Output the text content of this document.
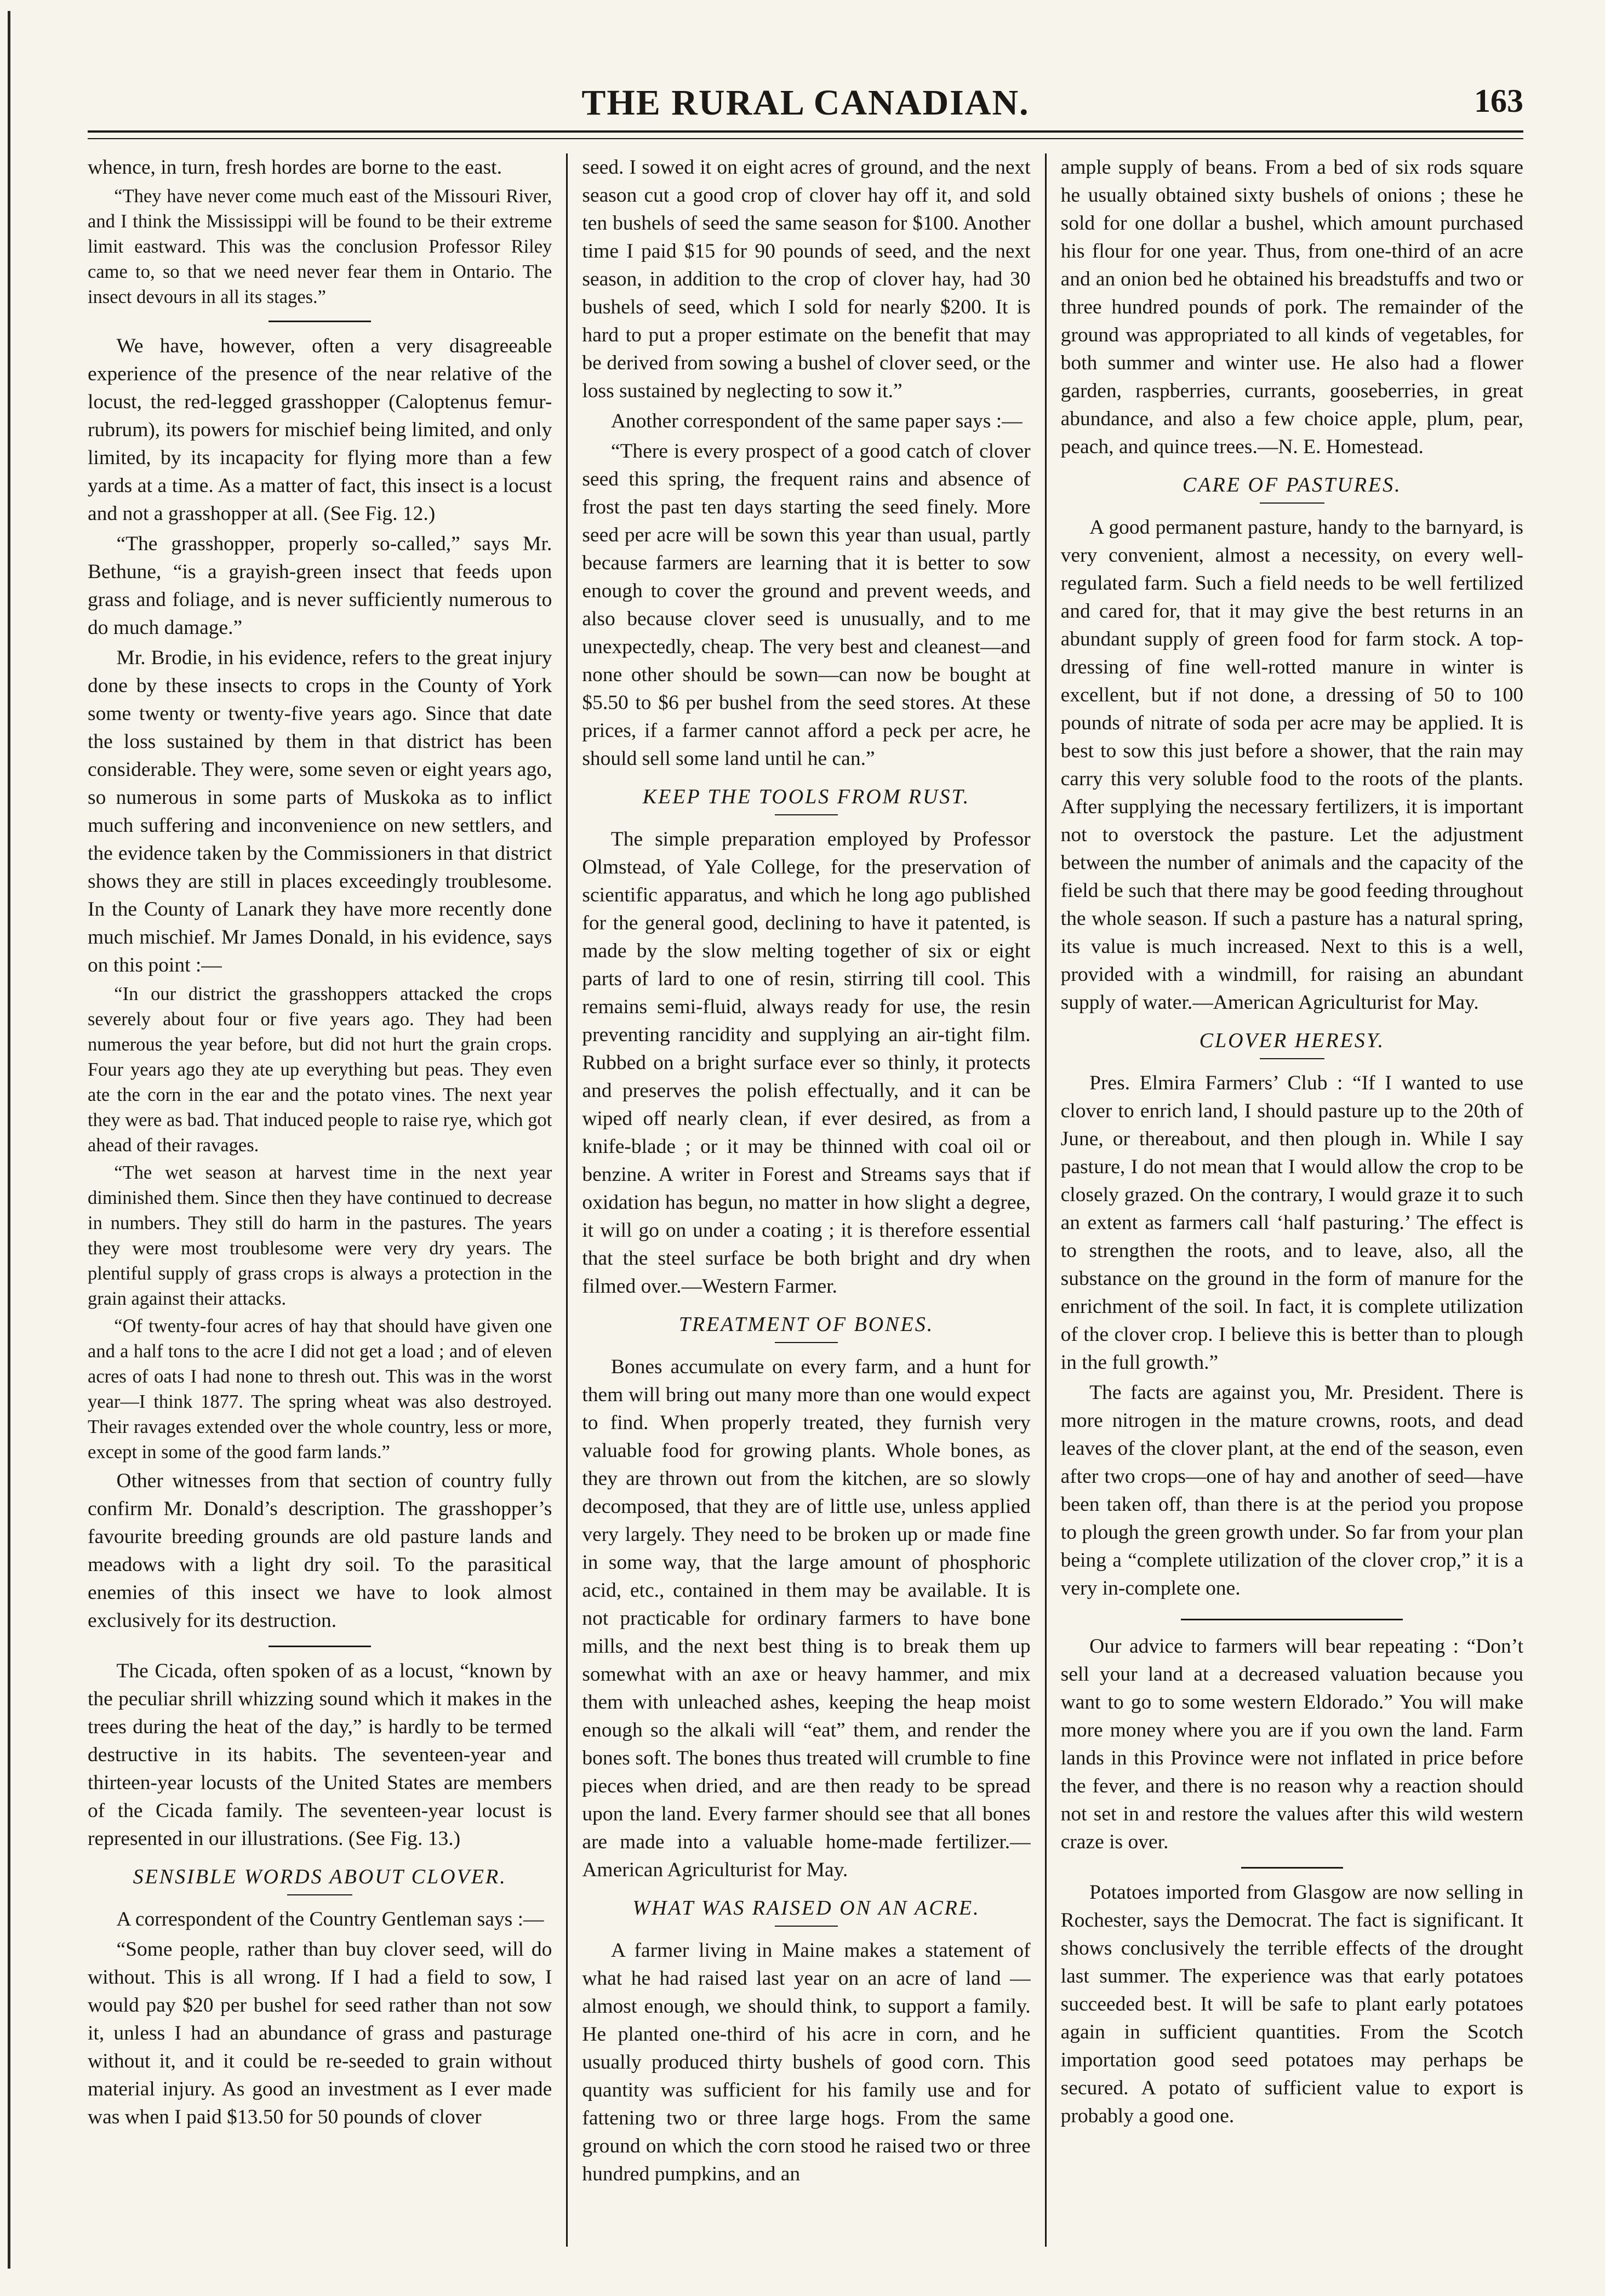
THE RURAL CANADIAN.	163

whence, in turn, fresh hordes are borne to the east.

“They have never come much east of the Missouri River, and I think the Mississippi will be found to be their extreme limit eastward. This was the conclusion Professor Riley came to, so that we need never fear them in Ontario. The insect devours in all its stages.”

We have, however, often a very disagreeable experience of the presence of the near relative of the locust, the red-legged grasshopper (Caloptenus femur-rubrum), its powers for mischief being limited, and only limited, by its incapacity for flying more than a few yards at a time. As a matter of fact, this insect is a locust and not a grasshopper at all. (See Fig. 12.)

“The grasshopper, properly so-called,” says Mr. Bethune, “is a grayish-green insect that feeds upon grass and foliage, and is never sufficiently numerous to do much damage.”

Mr. Brodie, in his evidence, refers to the great injury done by these insects to crops in the County of York some twenty or twenty-five years ago. Since that date the loss sustained by them in that district has been considerable. They were, some seven or eight years ago, so numerous in some parts of Muskoka as to inflict much suffering and inconvenience on new settlers, and the evidence taken by the Commissioners in that district shows they are still in places exceedingly troublesome. In the County of Lanark they have more recently done much mischief. Mr James Donald, in his evidence, says on this point :—

“In our district the grasshoppers attacked the crops severely about four or five years ago. They had been numerous the year before, but did not hurt the grain crops. Four years ago they ate up everything but peas. They even ate the corn in the ear and the potato vines. The next year they were as bad. That induced people to raise rye, which got ahead of their ravages.

“The wet season at harvest time in the next year diminished them. Since then they have continued to decrease in numbers. They still do harm in the pastures. The years they were most troublesome were very dry years. The plentiful supply of grass crops is always a protection in the grain against their attacks.

“Of twenty-four acres of hay that should have given one and a half tons to the acre I did not get a load ; and of eleven acres of oats I had none to thresh out. This was in the worst year—I think 1877. The spring wheat was also destroyed. Their ravages extended over the whole country, less or more, except in some of the good farm lands.”

Other witnesses from that section of country fully confirm Mr. Donald’s description. The grasshopper’s favourite breeding grounds are old pasture lands and meadows with a light dry soil. To the parasitical enemies of this insect we have to look almost exclusively for its destruction.

The Cicada, often spoken of as a locust, “known by the peculiar shrill whizzing sound which it makes in the trees during the heat of the day,” is hardly to be termed destructive in its habits. The seventeen-year and thirteen-year locusts of the United States are members of the Cicada family. The seventeen-year locust is represented in our illustrations. (See Fig. 13.)

SENSIBLE WORDS ABOUT CLOVER.

A correspondent of the Country Gentleman says :—

“Some people, rather than buy clover seed, will do without. This is all wrong. If I had a field to sow, I would pay $20 per bushel for seed rather than not sow it, unless I had an abundance of grass and pasturage without it, and it could be re-seeded to grain without material injury. As good an investment as I ever made was when I paid $13.50 for 50 pounds of clover

seed. I sowed it on eight acres of ground, and the next season cut a good crop of clover hay off it, and sold ten bushels of seed the same season for $100. Another time I paid $15 for 90 pounds of seed, and the next season, in addition to the crop of clover hay, had 30 bushels of seed, which I sold for nearly $200. It is hard to put a proper estimate on the benefit that may be derived from sowing a bushel of clover seed, or the loss sustained by neglecting to sow it.”

Another correspondent of the same paper says :—

“There is every prospect of a good catch of clover seed this spring, the frequent rains and absence of frost the past ten days starting the seed finely. More seed per acre will be sown this year than usual, partly because farmers are learning that it is better to sow enough to cover the ground and prevent weeds, and also because clover seed is unusually, and to me unexpectedly, cheap. The very best and cleanest—and none other should be sown—can now be bought at $5.50 to $6 per bushel from the seed stores. At these prices, if a farmer cannot afford a peck per acre, he should sell some land until he can.”

KEEP THE TOOLS FROM RUST.

The simple preparation employed by Professor Olmstead, of Yale College, for the preservation of scientific apparatus, and which he long ago published for the general good, declining to have it patented, is made by the slow melting together of six or eight parts of lard to one of resin, stirring till cool. This remains semi-fluid, always ready for use, the resin preventing rancidity and supplying an air-tight film. Rubbed on a bright surface ever so thinly, it protects and preserves the polish effectually, and it can be wiped off nearly clean, if ever desired, as from a knife-blade ; or it may be thinned with coal oil or benzine. A writer in Forest and Streams says that if oxidation has begun, no matter in how slight a degree, it will go on under a coating ; it is therefore essential that the steel surface be both bright and dry when filmed over.—Western Farmer.

TREATMENT OF BONES.

Bones accumulate on every farm, and a hunt for them will bring out many more than one would expect to find. When properly treated, they furnish very valuable food for growing plants. Whole bones, as they are thrown out from the kitchen, are so slowly decomposed, that they are of little use, unless applied very largely. They need to be broken up or made fine in some way, that the large amount of phosphoric acid, etc., contained in them may be available. It is not practicable for ordinary farmers to have bone mills, and the next best thing is to break them up somewhat with an axe or heavy hammer, and mix them with unleached ashes, keeping the heap moist enough so the alkali will “eat” them, and render the bones soft. The bones thus treated will crumble to fine pieces when dried, and are then ready to be spread upon the land. Every farmer should see that all bones are made into a valuable home-made fertilizer.—American Agriculturist for May.

WHAT WAS RAISED ON AN ACRE.

A farmer living in Maine makes a statement of what he had raised last year on an acre of land —almost enough, we should think, to support a family. He planted one-third of his acre in corn, and he usually produced thirty bushels of good corn. This quantity was sufficient for his family use and for fattening two or three large hogs. From the same ground on which the corn stood he raised two or three hundred pumpkins, and an

ample supply of beans. From a bed of six rods square he usually obtained sixty bushels of onions ; these he sold for one dollar a bushel, which amount purchased his flour for one year. Thus, from one-third of an acre and an onion bed he obtained his breadstuffs and two or three hundred pounds of pork. The remainder of the ground was appropriated to all kinds of vegetables, for both summer and winter use. He also had a flower garden, raspberries, currants, gooseberries, in great abundance, and also a few choice apple, plum, pear, peach, and quince trees.—N. E. Homestead.

CARE OF PASTURES.

A good permanent pasture, handy to the barnyard, is very convenient, almost a necessity, on every well-regulated farm. Such a field needs to be well fertilized and cared for, that it may give the best returns in an abundant supply of green food for farm stock. A top-dressing of fine well-rotted manure in winter is excellent, but if not done, a dressing of 50 to 100 pounds of nitrate of soda per acre may be applied. It is best to sow this just before a shower, that the rain may carry this very soluble food to the roots of the plants. After supplying the necessary fertilizers, it is important not to overstock the pasture. Let the adjustment between the number of animals and the capacity of the field be such that there may be good feeding throughout the whole season. If such a pasture has a natural spring, its value is much increased. Next to this is a well, provided with a windmill, for raising an abundant supply of water.—American Agriculturist for May.

CLOVER HERESY.

Pres. Elmira Farmers’ Club : “If I wanted to use clover to enrich land, I should pasture up to the 20th of June, or thereabout, and then plough in. While I say pasture, I do not mean that I would allow the crop to be closely grazed. On the contrary, I would graze it to such an extent as farmers call ‘half pasturing.’ The effect is to strengthen the roots, and to leave, also, all the substance on the ground in the form of manure for the enrichment of the soil. In fact, it is complete utilization of the clover crop. I believe this is better than to plough in the full growth.”

The facts are against you, Mr. President. There is more nitrogen in the mature crowns, roots, and dead leaves of the clover plant, at the end of the season, even after two crops—one of hay and another of seed—have been taken off, than there is at the period you propose to plough the green growth under. So far from your plan being a “complete utilization of the clover crop,” it is a very in-complete one.

Our advice to farmers will bear repeating : “Don’t sell your land at a decreased valuation because you want to go to some western Eldorado.” You will make more money where you are if you own the land. Farm lands in this Province were not inflated in price before the fever, and there is no reason why a reaction should not set in and restore the values after this wild western craze is over.

Potatoes imported from Glasgow are now selling in Rochester, says the Democrat. The fact is significant. It shows conclusively the terrible effects of the drought last summer. The experience was that early potatoes succeeded best. It will be safe to plant early potatoes again in sufficient quantities. From the Scotch importation good seed potatoes may perhaps be secured. A potato of sufficient value to export is probably a good one.
